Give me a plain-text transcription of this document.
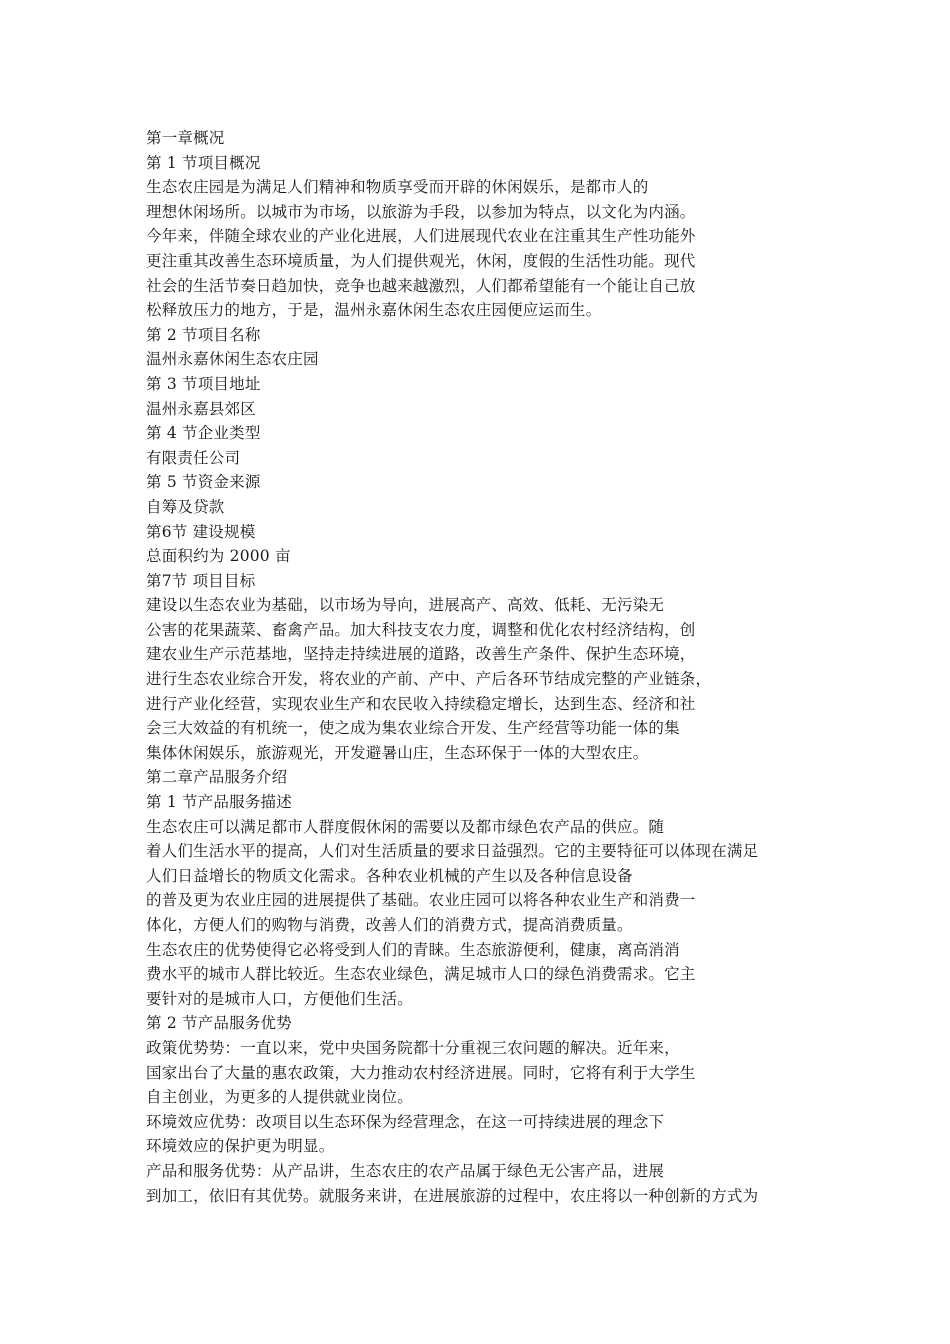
第一章概况
第 1 节项目概况
生态农庄园是为满足人们精神和物质享受而开辟的休闲娱乐，是都市人的
理想休闲场所。以城市为市场，以旅游为手段，以参加为特点，以文化为内涵。
今年来，伴随全球农业的产业化进展，人们进展现代农业在注重其生产性功能外
更注重其改善生态环境质量，为人们提供观光，休闲，度假的生活性功能。现代
社会的生活节奏日趋加快，竞争也越来越激烈，人们都希望能有一个能让自己放
松释放压力的地方，于是，温州永嘉休闲生态农庄园便应运而生。
第 2 节项目名称
温州永嘉休闲生态农庄园
第 3 节项目地址
温州永嘉县郊区
第 4 节企业类型
有限责任公司
第 5 节资金来源
自筹及贷款
第6节 建设规模
总面积约为 2000 亩
第7节 项目目标
建设以生态农业为基础，以市场为导向，进展高产、高效、低耗、无污染无
公害的花果蔬菜、畜禽产品。加大科技支农力度，调整和优化农村经济结构，创
建农业生产示范基地，坚持走持续进展的道路，改善生产条件、保护生态环境，
进行生态农业综合开发，将农业的产前、产中、产后各环节结成完整的产业链条，
进行产业化经营，实现农业生产和农民收入持续稳定增长，达到生态、经济和社
会三大效益的有机统一，使之成为集农业综合开发、生产经营等功能一体的集
集体休闲娱乐，旅游观光，开发避暑山庄，生态环保于一体的大型农庄。
第二章产品服务介绍
第 1 节产品服务描述
生态农庄可以满足都市人群度假休闲的需要以及都市绿色农产品的供应。随
着人们生活水平的提高，人们对生活质量的要求日益强烈。它的主要特征可以体现在满足
人们日益增长的物质文化需求。各种农业机械的产生以及各种信息设备
的普及更为农业庄园的进展提供了基础。农业庄园可以将各种农业生产和消费一
体化，方便人们的购物与消费，改善人们的消费方式，提高消费质量。
生态农庄的优势使得它必将受到人们的青睐。生态旅游便利，健康，离高消消
费水平的城市人群比较近。生态农业绿色，满足城市人口的绿色消费需求。它主
要针对的是城市人口，方便他们生活。
第 2 节产品服务优势
政策优势势：一直以来，党中央国务院都十分重视三农问题的解决。近年来，
国家出台了大量的惠农政策，大力推动农村经济进展。同时，它将有利于大学生
自主创业，为更多的人提供就业岗位。
环境效应优势：改项目以生态环保为经营理念，在这一可持续进展的理念下
环境效应的保护更为明显。
产品和服务优势：从产品讲，生态农庄的农产品属于绿色无公害产品，进展
到加工，依旧有其优势。就服务来讲，在进展旅游的过程中，农庄将以一种创新的方式为
